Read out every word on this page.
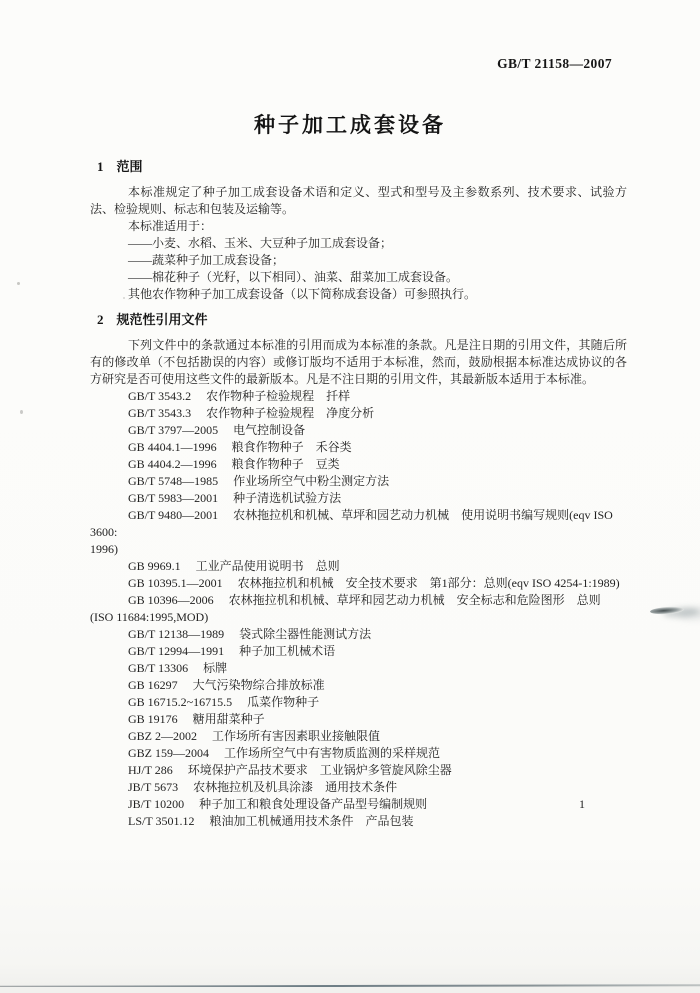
GB/T 21158—2007
种子加工成套设备
1 范围

本标准规定了种子加工成套设备术语和定义、型式和型号及主参数系列、技术要求、试验方法、检验规则、标志和包装及运输等。

本标准适用于：

——小麦、水稻、玉米、大豆种子加工成套设备；

——蔬菜种子加工成套设备；

——棉花种子（光籽，以下相同）、油菜、甜菜加工成套设备。

其他农作物种子加工成套设备（以下简称成套设备）可参照执行。

2 规范性引用文件

下列文件中的条款通过本标准的引用而成为本标准的条款。凡是注日期的引用文件，其随后所有的修改单（不包括勘误的内容）或修订版均不适用于本标准，然而，鼓励根据本标准达成协议的各方研究是否可使用这些文件的最新版本。凡是不注日期的引用文件，其最新版本适用于本标准。

GB/T 3543.2 农作物种子检验规程　扦样

GB/T 3543.3 农作物种子检验规程　净度分析

GB/T 3797—2005 电气控制设备

GB 4404.1—1996 粮食作物种子　禾谷类

GB 4404.2—1996 粮食作物种子　豆类

GB/T 5748—1985 作业场所空气中粉尘测定方法

GB/T 5983—2001 种子清选机试验方法

GB/T 9480—2001 农林拖拉机和机械、草坪和园艺动力机械　使用说明书编写规则(eqv ISO 3600:
1996)

GB 9969.1 工业产品使用说明书　总则

GB 10395.1—2001 农林拖拉机和机械　安全技术要求　第1部分：总则(eqv ISO 4254-1:1989)

GB 10396—2006 农林拖拉机和机械、草坪和园艺动力机械　安全标志和危险图形　总则
(ISO 11684:1995,MOD)

GB/T 12138—1989 袋式除尘器性能测试方法

GB/T 12994—1991 种子加工机械术语

GB/T 13306 标牌

GB 16297 大气污染物综合排放标准

GB 16715.2~16715.5 瓜菜作物种子

GB 19176 糖用甜菜种子

GBZ 2—2002 工作场所有害因素职业接触限值

GBZ 159—2004 工作场所空气中有害物质监测的采样规范

HJ/T 286 环境保护产品技术要求　工业锅炉多管旋风除尘器

JB/T 5673 农林拖拉机及机具涂漆　通用技术条件

JB/T 10200 种子加工和粮食处理设备产品型号编制规则

LS/T 3501.12 粮油加工机械通用技术条件　产品包装

1
